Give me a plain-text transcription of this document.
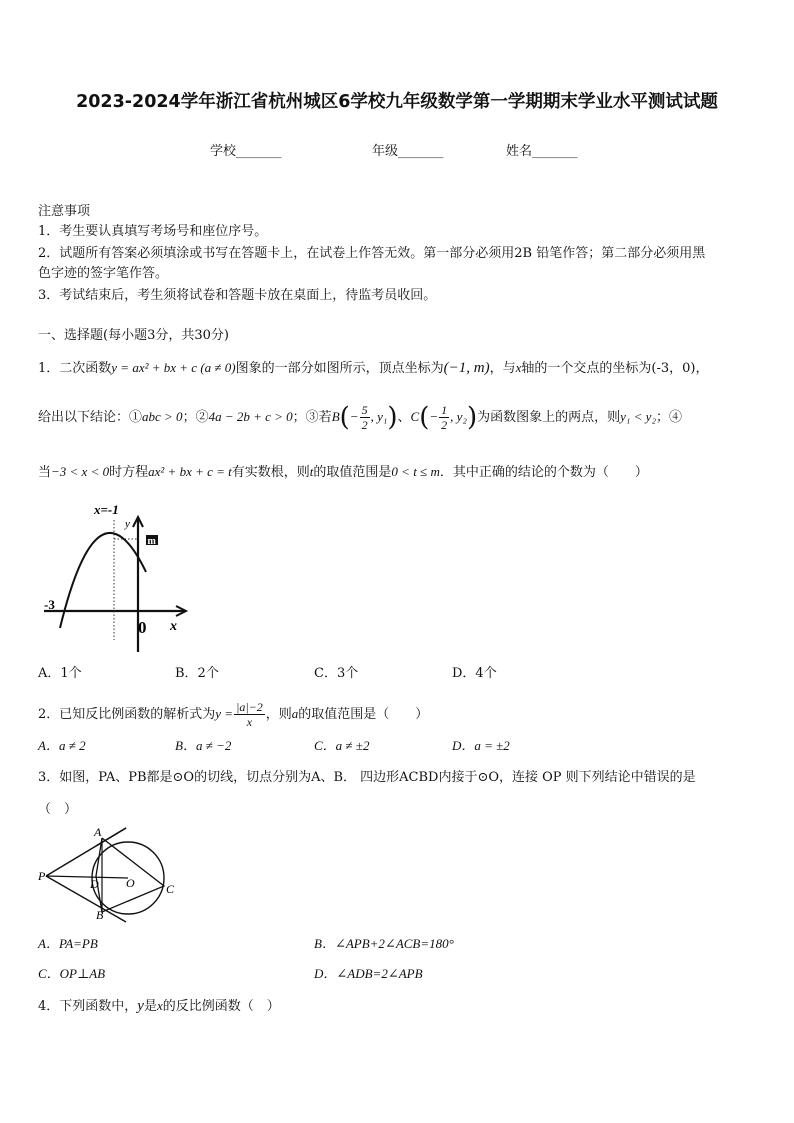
2023-2024学年浙江省杭州城区6学校九年级数学第一学期期末学业水平测试试题
学校_______	年级_______	姓名_______
注意事项
1．考生要认真填写考场号和座位序号。
2．试题所有答案必须填涂或书写在答题卡上，在试卷上作答无效。第一部分必须用2B 铅笔作答；第二部分必须用黑
色字迹的签字笔作答。
3．考试结束后，考生须将试卷和答题卡放在桌面上，待监考员收回。
一、选择题(每小题3分，共30分)
1．二次函数y = ax² + bx + c (a ≠ 0)图象的一部分如图所示，顶点坐标为(−1, m)，与x轴的一个交点的坐标为(-3，0)，
给出以下结论：①abc > 0；②4a − 2b + c > 0；③若$B(- \frac{5}{2}$ , y₁)、$C(- \frac{1}{2}$ , y₂)为函数图象上的两点，则y₁ < y₂；④
当−3 < x < 0时方程ax² + bx + c = t有实数根，则t的取值范围是0 < t ≤ m．其中正确的结论的个数为（　　）
x=-1
y
m
-3
0 x
A．1个	B．2个	C．3个	D．4个
2．已知反比例函数的解析式为$y = \frac{|a|-2}{x}$ ，则a的取值范围是（　　）
A．a ≠ 2	B．a ≠ −2	C．a ≠ ±2	D．a = ±2
3．如图，PA、PB都是⊙O的切线，切点分别为A、B． 四边形ACBD内接于⊙O，连接 OP 则下列结论中错误的是
（　）
A
B
C
D O
P
A．PA=PB	B．∠APB+2∠ACB=180°
C．OP⊥AB	D．∠ADB=2∠APB
4．下列函数中，y是x的反比例函数（　）
